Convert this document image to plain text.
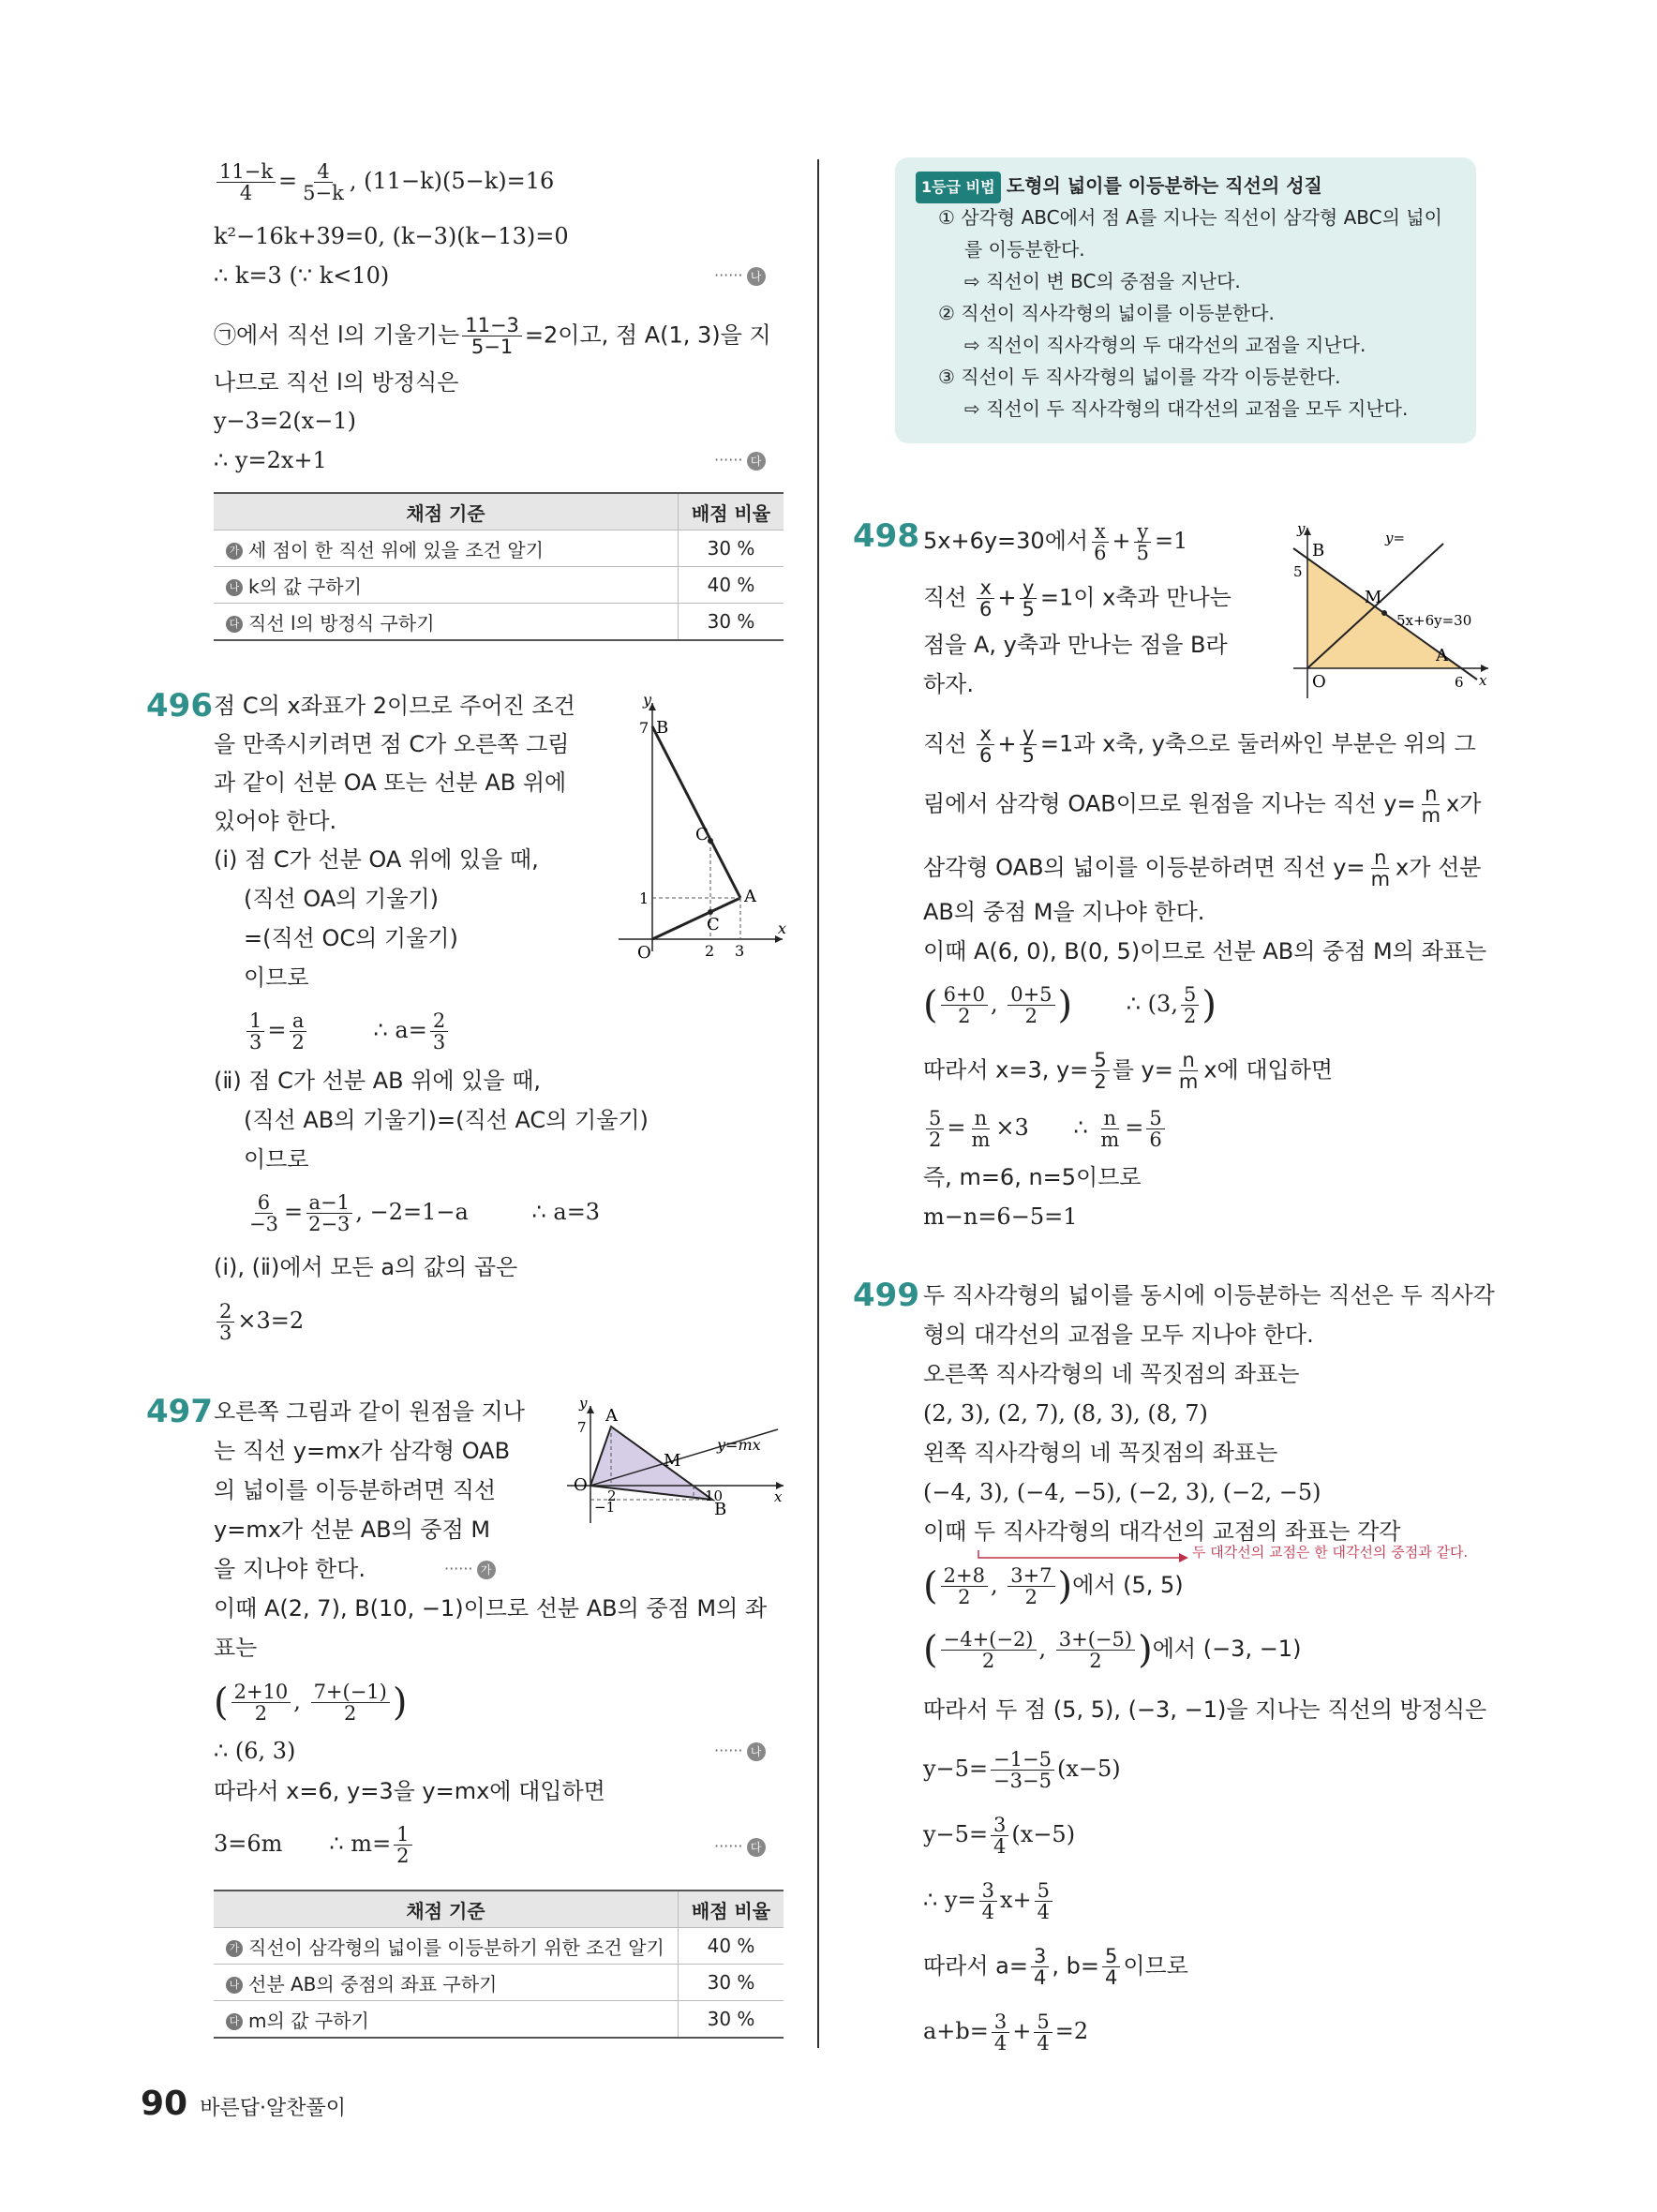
$\frac{11-k}{4} = \frac{4}{5-k}$ , (11−k)(5−k)=16
k²−16k+39=0, (k−3)(k−13)=0
∴ k=3 (∵ k<10)	······ 나
㉠에서 직선 l의 기울기는 $\frac{11-3}{5-1} =2$이고, 점 A(1, 3)을 지
나므로 직선 l의 방정식은
y−3=2(x−1)
∴ y=2x+1	······ 다
채점 기준	배점 비율
가 세 점이 한 직선 위에 있을 조건 알기	30 %
나 k의 값 구하기	40 %
다 직선 l의 방정식 구하기	30 %
496 점 C의 x좌표가 2이므로 주어진 조건
을 만족시키려면 점 C가 오른쪽 그림
과 같이 선분 OA 또는 선분 AB 위에
있어야 한다.
(ⅰ) 점 C가 선분 OA 위에 있을 때,
(직선 OA의 기울기)
=(직선 OC의 기울기)
이므로
$\frac{1}{3} = \frac{a}{2}$	∴ $a= \frac{2}{3}$
(ⅱ) 점 C가 선분 AB 위에 있을 때,
(직선 AB의 기울기)=(직선 AC의 기울기)
이므로
$\frac{6}{-3} = \frac{a-1}{2-3}$ , −2=1−a	∴ a=3
(ⅰ), (ⅱ)에서 모든 a의 값의 곱은
$\frac{2}{3} \times 3=2$
y
x
B
7
A
C
C
1
O	2 3
497 오른쪽 그림과 같이 원점을 지나
는 직선 y=mx가 삼각형 OAB
의 넓이를 이등분하려면 직선
y=mx가 선분 AB의 중점 M
을 지나야 한다.	······ 가
이때 A(2, 7), B(10, −1)이므로 선분 AB의 중점 M의 좌
표는
( $\frac{2+10}{2}$ , $\frac{7+(-1)}{2}$ )
∴ (6, 3)	······ 나
따라서 x=6, y=3을 y=mx에 대입하면
3=6m ∴ $m= \frac{1}{2}$	······ 다
y
x
A
7
M
y=mx
O
2	10
−1	B
채점 기준	배점 비율
가 직선이 삼각형의 넓이를 이등분하기 위한 조건 알기	40 %
나 선분 AB의 중점의 좌표 구하기	30 %
다 m의 값 구하기	30 %
1등급 비법 도형의 넓이를 이등분하는 직선의 성질
① 삼각형 ABC에서 점 A를 지나는 직선이 삼각형 ABC의 넓이
를 이등분한다.
⇨ 직선이 변 BC의 중점을 지난다.
② 직선이 직사각형의 넓이를 이등분한다.
⇨ 직선이 직사각형의 두 대각선의 교점을 지난다.
③ 직선이 두 직사각형의 넓이를 각각 이등분한다.
⇨ 직선이 두 직사각형의 대각선의 교점을 모두 지난다.
498 5x+6y=30에서 $\frac{x}{6} + \frac{y}{5} =1$
직선 $\frac{x}{6} + \frac{y}{5} =1$이 x축과 만나는
점을 A, y축과 만나는 점을 B라
하자.
직선 $\frac{x}{6} + \frac{y}{5} =1$과 x축, y축으로 둘러싸인 부분은 위의 그
림에서 삼각형 OAB이므로 원점을 지나는 직선 $y= \frac{n}{m}$ x가
삼각형 OAB의 넓이를 이등분하려면 직선 $y= \frac{n}{m}$ x가 선분
AB의 중점 M을 지나야 한다.
이때 A(6, 0), B(0, 5)이므로 선분 AB의 중점 M의 좌표는
( $\frac{6+0}{2}$ , $\frac{0+5}{2}$ ) ∴ (3, $\frac{5}{2}$ )
따라서 x=3, $y= \frac{5}{2}$ 를 $y= \frac{n}{m}$ x에 대입하면
$\frac{5}{2} = \frac{n}{m} \times 3$ ∴ $\frac{n}{m} = \frac{5}{6}$
즉, m=6, n=5이므로
m−n=6−5=1
y
x
B
5
M
y=
5x+6y=30
A
O	6
499 두 직사각형의 넓이를 동시에 이등분하는 직선은 두 직사각
형의 대각선의 교점을 모두 지나야 한다.
오른쪽 직사각형의 네 꼭짓점의 좌표는
(2, 3), (2, 7), (8, 3), (8, 7)
왼쪽 직사각형의 네 꼭짓점의 좌표는
(−4, 3), (−4, −5), (−2, 3), (−2, −5)
이때 두 직사각형의 대각선의 교점의 좌표는 각각
두 대각선의 교점은 한 대각선의 중점과 같다.
( $\frac{2+8}{2}$ , $\frac{3+7}{2}$ )에서 (5, 5)
( $\frac{-4+(-2)}{2}$ , $\frac{3+(-5)}{2}$ )에서 (−3, −1)
따라서 두 점 (5, 5), (−3, −1)을 지나는 직선의 방정식은
$y-5= \frac{-1-5}{-3-5} (x-5)$
$y-5= \frac{3}{4} (x-5)$
∴ $y= \frac{3}{4} x+ \frac{5}{4}$
따라서 $a= \frac{3}{4}$ , $b= \frac{5}{4}$ 이므로
$a+b= \frac{3}{4} + \frac{5}{4} =2$
90 바른답·알찬풀이
